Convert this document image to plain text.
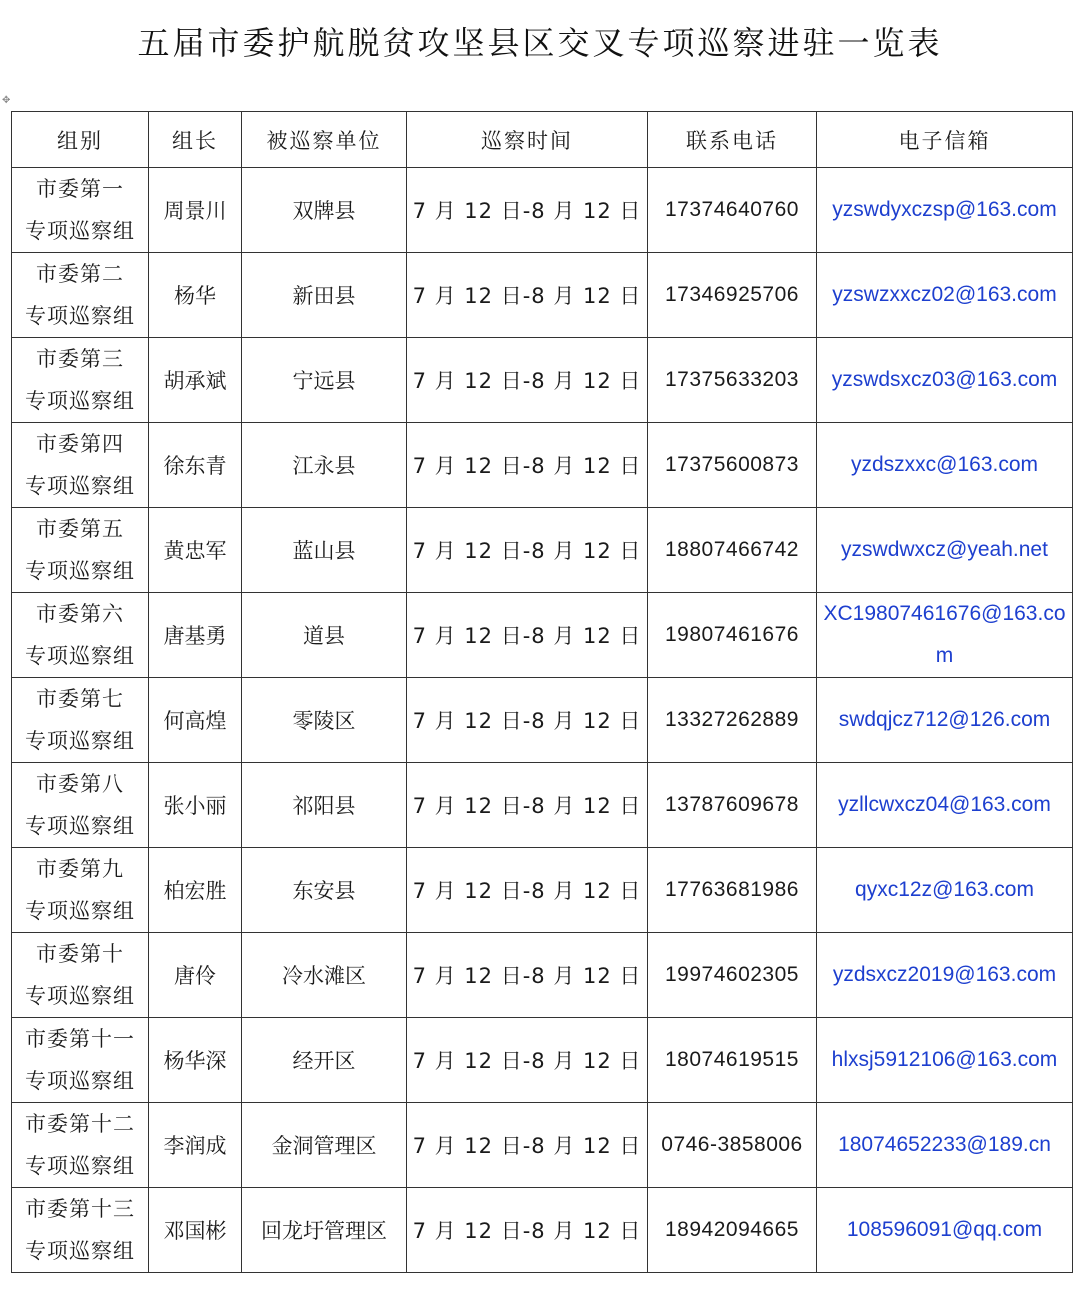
五届市委护航脱贫攻坚县区交叉专项巡察进驻一览表
✥
组别	组长	被巡察单位	巡察时间	联系电话	电子信箱

市委第一
专项巡察组	周景川	双牌县	7 月 12 日-8 月 12 日	17374640760	yzswdyxczsp@163.com

市委第二
专项巡察组	杨华	新田县	7 月 12 日-8 月 12 日	17346925706	yzswzxxcz02@163.com

市委第三
专项巡察组	胡承斌	宁远县	7 月 12 日-8 月 12 日	17375633203	yzswdsxcz03@163.com

市委第四
专项巡察组	徐东青	江永县	7 月 12 日-8 月 12 日	17375600873	yzdszxxc@163.com

市委第五
专项巡察组	黄忠军	蓝山县	7 月 12 日-8 月 12 日	18807466742	yzswdwxcz@yeah.net

市委第六
专项巡察组	唐基勇	道县	7 月 12 日-8 月 12 日	19807461676	XC19807461676@163.com

市委第七
专项巡察组	何高煌	零陵区	7 月 12 日-8 月 12 日	13327262889	swdqjcz712@126.com

市委第八
专项巡察组	张小丽	祁阳县	7 月 12 日-8 月 12 日	13787609678	yzllcwxcz04@163.com

市委第九
专项巡察组	柏宏胜	东安县	7 月 12 日-8 月 12 日	17763681986	qyxc12z@163.com

市委第十
专项巡察组	唐伶	冷水滩区	7 月 12 日-8 月 12 日	19974602305	yzdsxcz2019@163.com

市委第十一
专项巡察组	杨华深	经开区	7 月 12 日-8 月 12 日	18074619515	hlxsj5912106@163.com

市委第十二
专项巡察组	李润成	金洞管理区	7 月 12 日-8 月 12 日	0746-3858006	18074652233@189.cn

市委第十三
专项巡察组	邓国彬	回龙圩管理区	7 月 12 日-8 月 12 日	18942094665	108596091@qq.com
